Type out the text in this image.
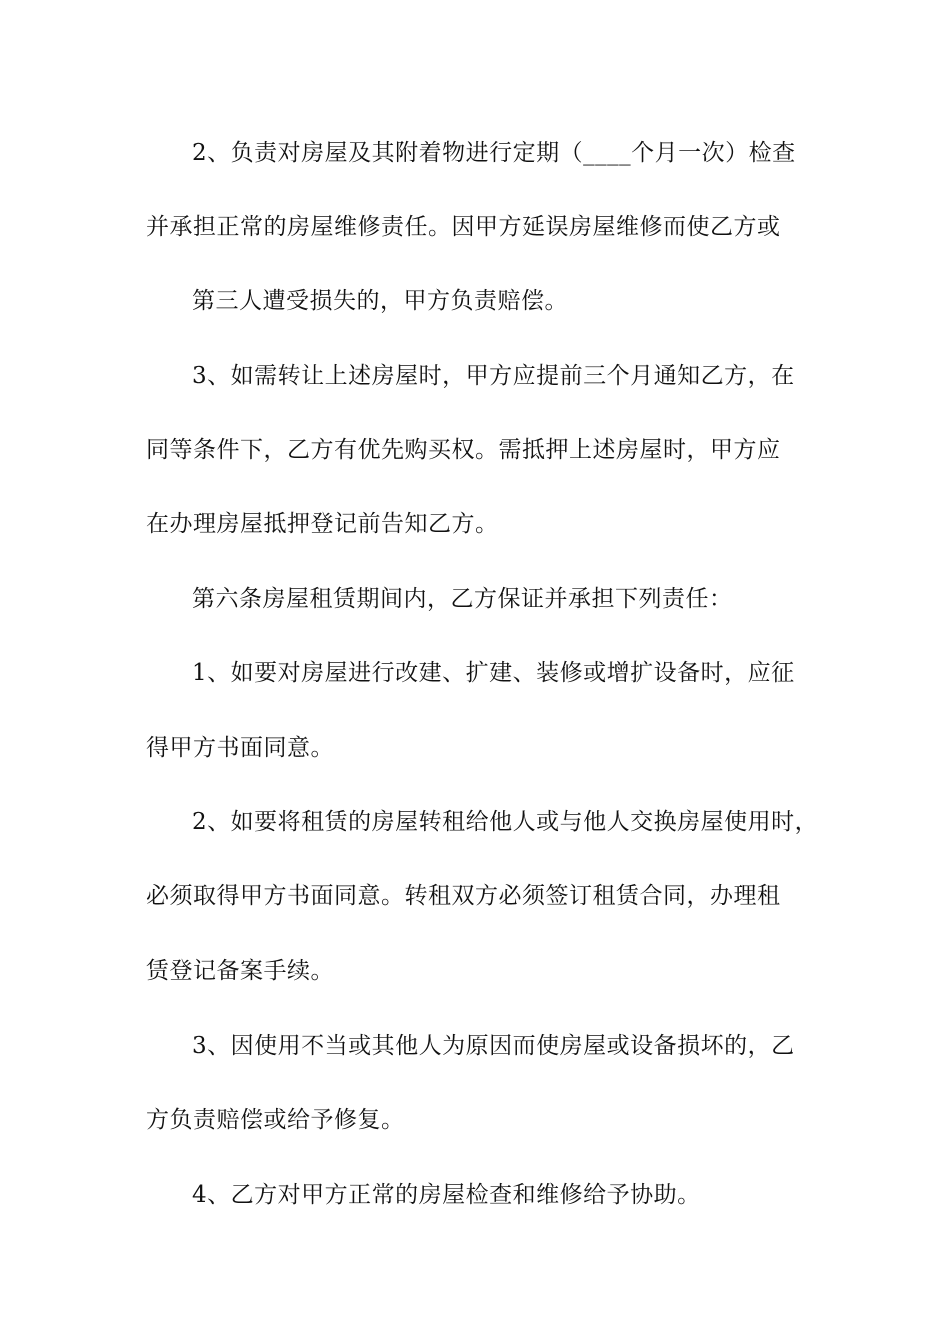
2、负责对房屋及其附着物进行定期（____个月一次）检查
并承担正常的房屋维修责任。因甲方延误房屋维修而使乙方或
第三人遭受损失的，甲方负责赔偿。
3、如需转让上述房屋时，甲方应提前三个月通知乙方，在
同等条件下，乙方有优先购买权。需抵押上述房屋时，甲方应
在办理房屋抵押登记前告知乙方。
第六条房屋租赁期间内，乙方保证并承担下列责任：
1、如要对房屋进行改建、扩建、装修或增扩设备时，应征
得甲方书面同意。
2、如要将租赁的房屋转租给他人或与他人交换房屋使用时，
必须取得甲方书面同意。转租双方必须签订租赁合同，办理租
赁登记备案手续。
3、因使用不当或其他人为原因而使房屋或设备损坏的，乙
方负责赔偿或给予修复。
4、乙方对甲方正常的房屋检查和维修给予协助。
